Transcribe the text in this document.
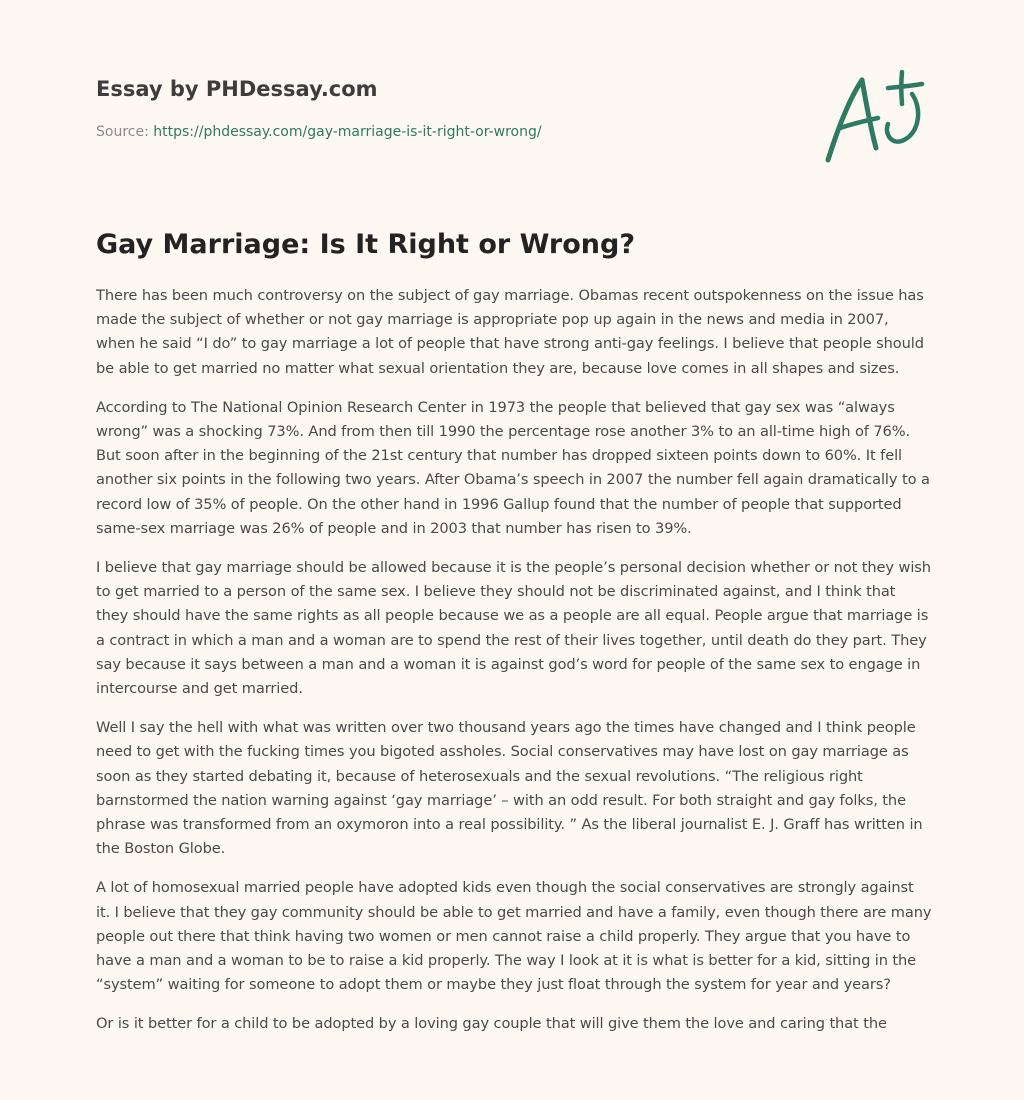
Essay by PHDessay.com
Source: https://phdessay.com/gay-marriage-is-it-right-or-wrong/
Gay Marriage: Is It Right or Wrong?

There has been much controversy on the subject of gay marriage. Obamas recent outspokenness on the issue has made the subject of whether or not gay marriage is appropriate pop up again in the news and media in 2007, when he said “I do” to gay marriage a lot of people that have strong anti-gay feelings. I believe that people should be able to get married no matter what sexual orientation they are, because love comes in all shapes and sizes.

According to The National Opinion Research Center in 1973 the people that believed that gay sex was “always wrong” was a shocking 73%. And from then till 1990 the percentage rose another 3% to an all-time high of 76%. But soon after in the beginning of the 21st century that number has dropped sixteen points down to 60%. It fell another six points in the following two years. After Obama’s speech in 2007 the number fell again dramatically to a record low of 35% of people. On the other hand in 1996 Gallup found that the number of people that supported same-sex marriage was 26% of people and in 2003 that number has risen to 39%.

I believe that gay marriage should be allowed because it is the people’s personal decision whether or not they wish to get married to a person of the same sex. I believe they should not be discriminated against, and I think that they should have the same rights as all people because we as a people are all equal. People argue that marriage is a contract in which a man and a woman are to spend the rest of their lives together, until death do they part. They say because it says between a man and a woman it is against god’s word for people of the same sex to engage in intercourse and get married.

Well I say the hell with what was written over two thousand years ago the times have changed and I think people need to get with the fucking times you bigoted assholes. Social conservatives may have lost on gay marriage as soon as they started debating it, because of heterosexuals and the sexual revolutions. “The religious right barnstormed the nation warning against ‘gay marriage’ – with an odd result. For both straight and gay folks, the phrase was transformed from an oxymoron into a real possibility. ” As the liberal journalist E. J. Graff has written in the Boston Globe.

A lot of homosexual married people have adopted kids even though the social conservatives are strongly against it. I believe that they gay community should be able to get married and have a family, even though there are many people out there that think having two women or men cannot raise a child properly. They argue that you have to have a man and a woman to be to raise a kid properly. The way I look at it is what is better for a kid, sitting in the “system” waiting for someone to adopt them or maybe they just float through the system for year and years?

Or is it better for a child to be adopted by a loving gay couple that will give them the love and caring that the
